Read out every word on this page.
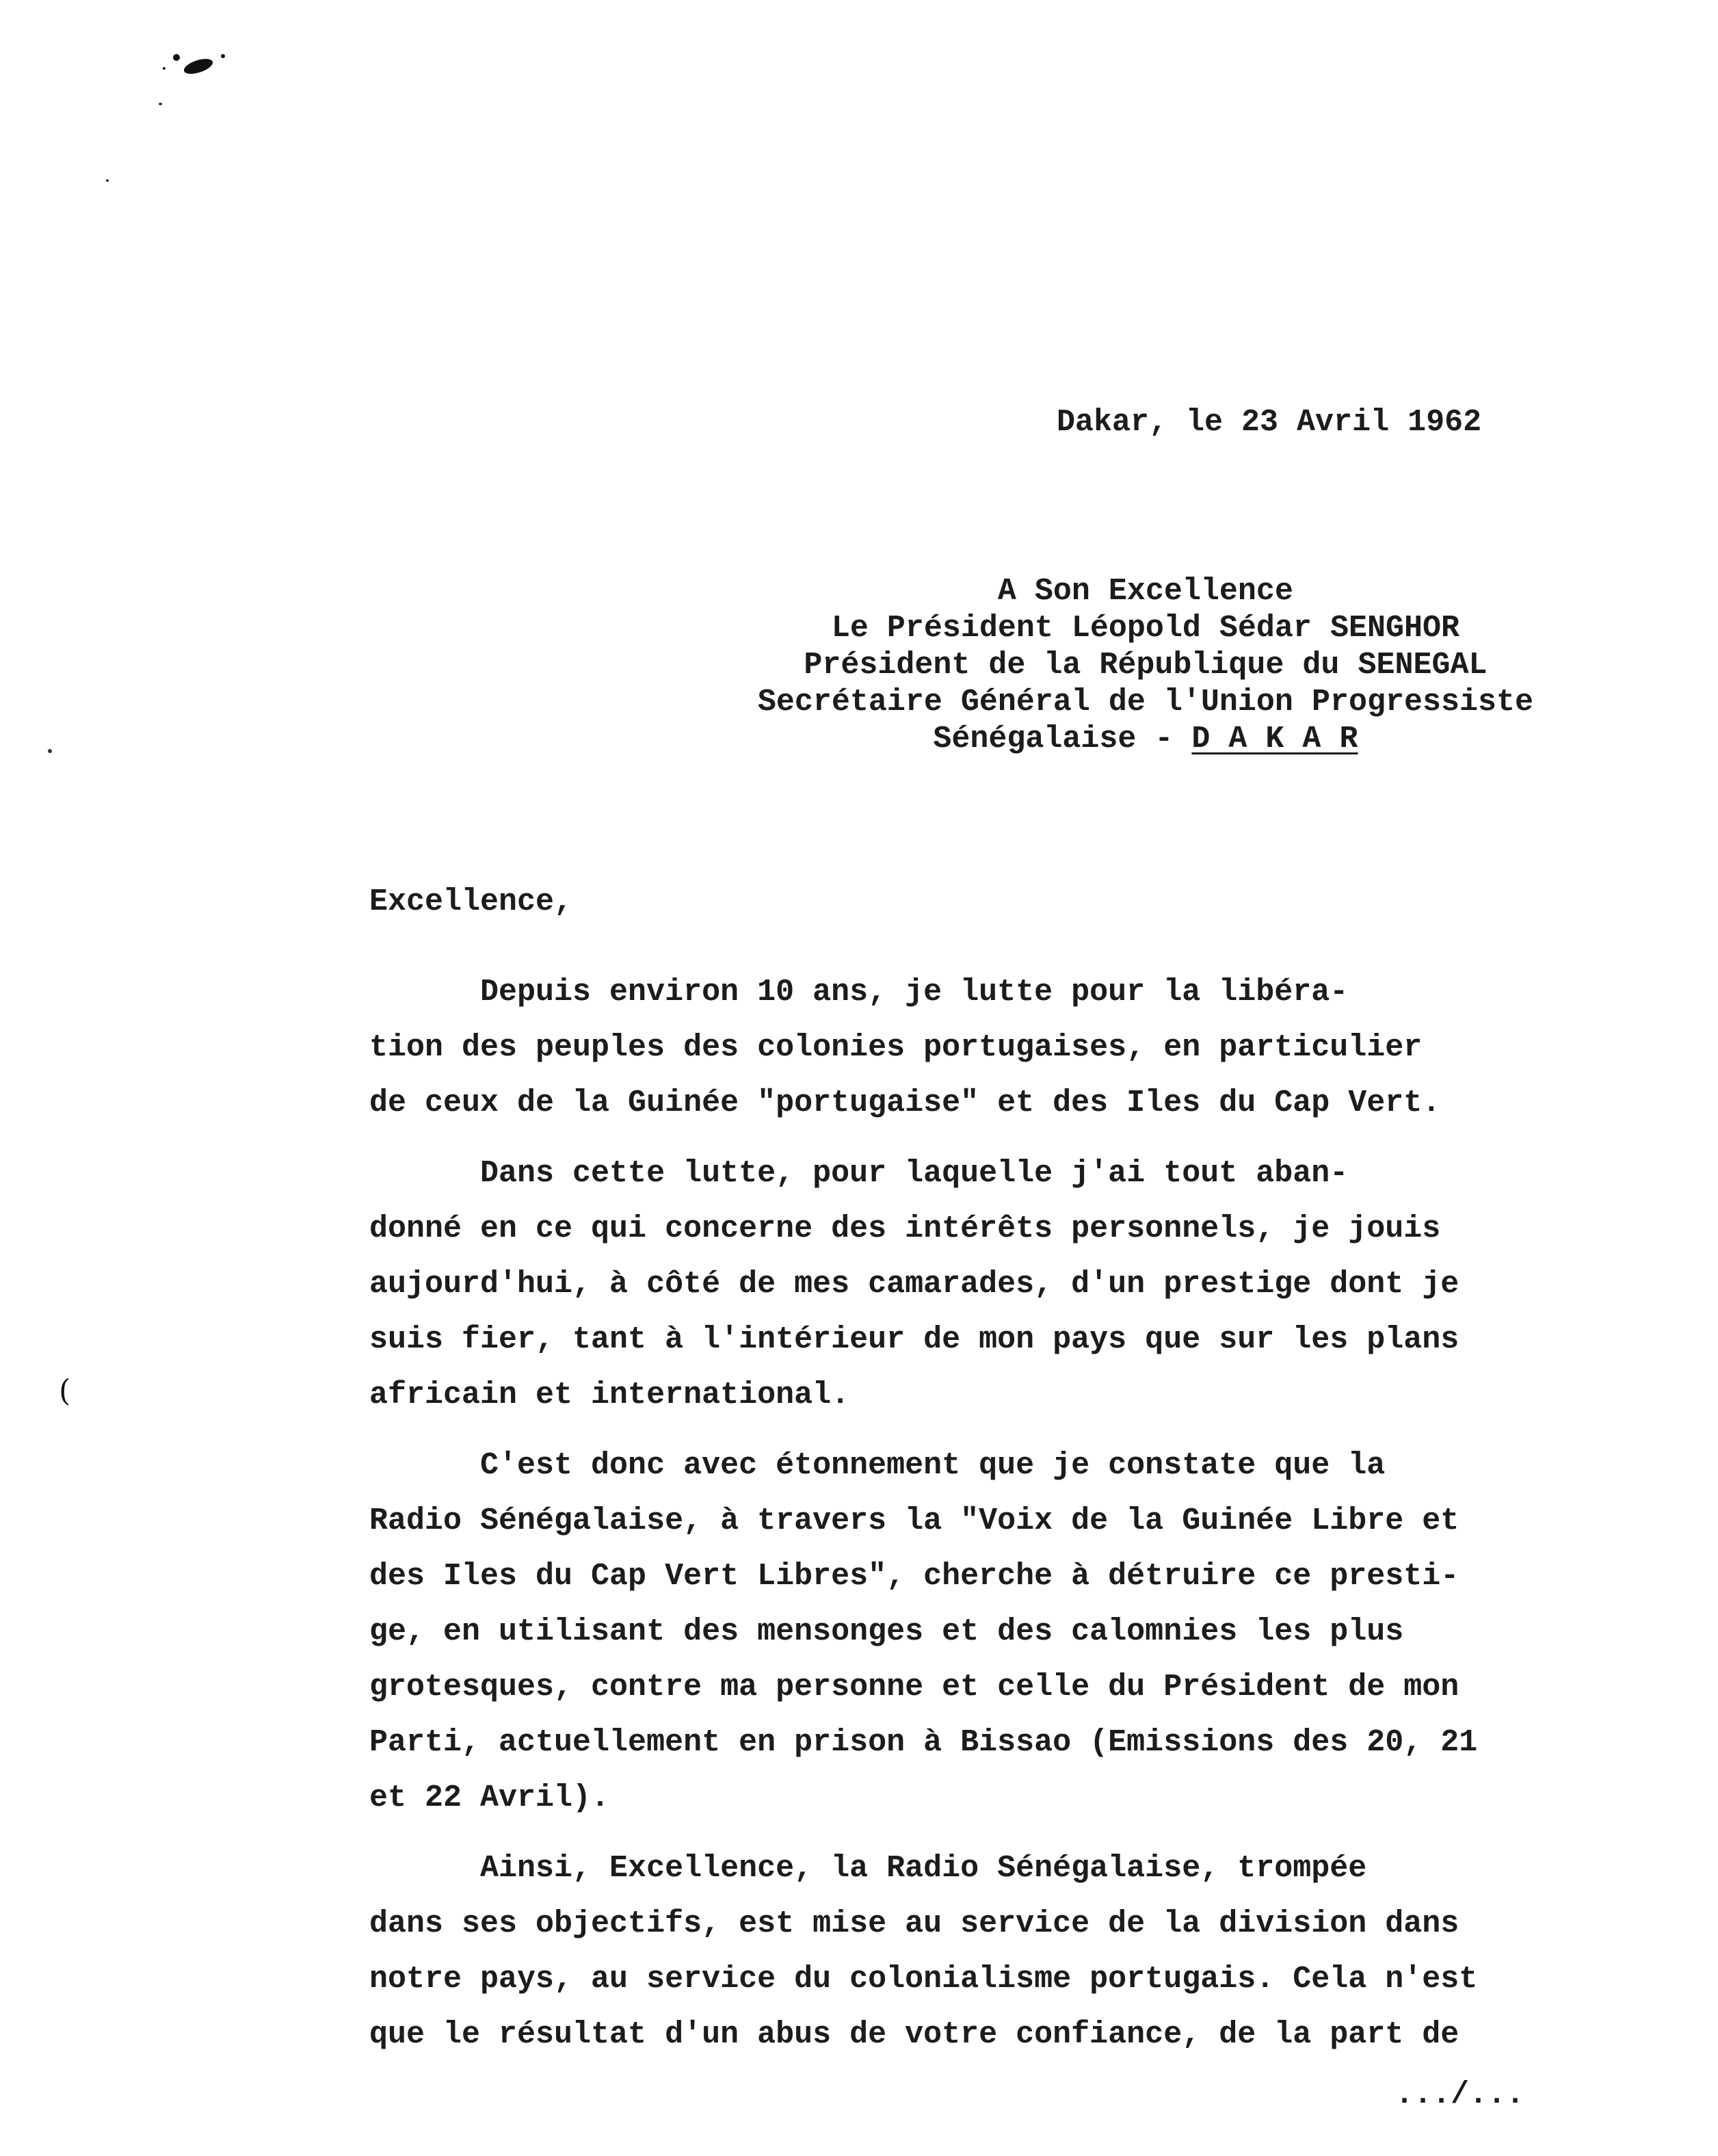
(
Dakar, le 23 Avril 1962
A Son Excellence
Le Président Léopold Sédar SENGHOR
Président de la République du SENEGAL
Secrétaire Général de l'Union Progressiste
Sénégalaise - D A K A R
Excellence,
Depuis environ 10 ans, je lutte pour la libéra-
tion des peuples des colonies portugaises, en particulier
de ceux de la Guinée "portugaise" et des Iles du Cap Vert.
Dans cette lutte, pour laquelle j'ai tout aban-
donné en ce qui concerne des intérêts personnels, je jouis
aujourd'hui, à côté de mes camarades, d'un prestige dont je
suis fier, tant à l'intérieur de mon pays que sur les plans
africain et international.
C'est donc avec étonnement que je constate que la
Radio Sénégalaise, à travers la "Voix de la Guinée Libre et
des Iles du Cap Vert Libres", cherche à détruire ce presti-
ge, en utilisant des mensonges et des calomnies les plus
grotesques, contre ma personne et celle du Président de mon
Parti, actuellement en prison à Bissao (Emissions des 20, 21
et 22 Avril).
Ainsi, Excellence, la Radio Sénégalaise, trompée
dans ses objectifs, est mise au service de la division dans
notre pays, au service du colonialisme portugais. Cela n'est
que le résultat d'un abus de votre confiance, de la part de
.../...
